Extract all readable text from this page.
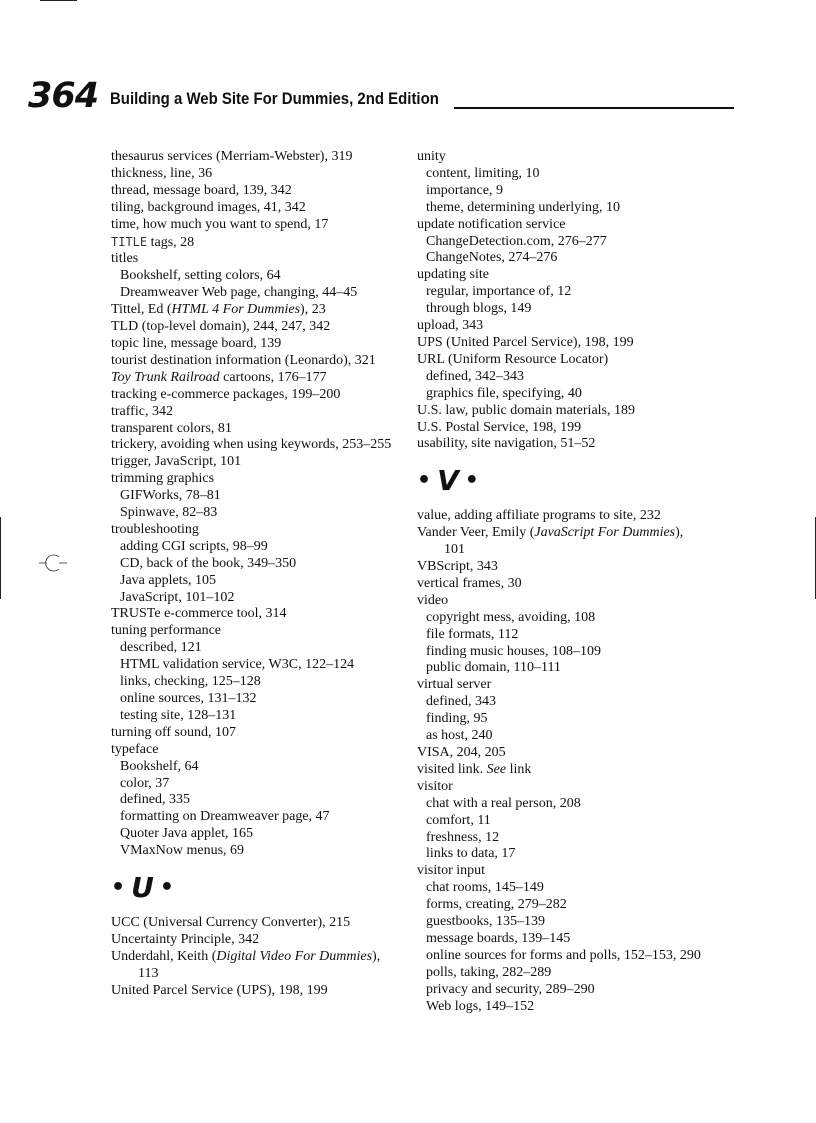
364 Building a Web Site For Dummies, 2nd Edition
thesaurus services (Merriam-Webster), 319
thickness, line, 36
thread, message board, 139, 342
tiling, background images, 41, 342
time, how much you want to spend, 17
TITLE tags, 28
titles
Bookshelf, setting colors, 64
Dreamweaver Web page, changing, 44–45
Tittel, Ed (HTML 4 For Dummies), 23
TLD (top-level domain), 244, 247, 342
topic line, message board, 139
tourist destination information (Leonardo), 321
Toy Trunk Railroad cartoons, 176–177
tracking e-commerce packages, 199–200
traffic, 342
transparent colors, 81
trickery, avoiding when using keywords, 253–255
trigger, JavaScript, 101
trimming graphics
GIFWorks, 78–81
Spinwave, 82–83
troubleshooting
adding CGI scripts, 98–99
CD, back of the book, 349–350
Java applets, 105
JavaScript, 101–102
TRUSTe e-commerce tool, 314
tuning performance
described, 121
HTML validation service, W3C, 122–124
links, checking, 125–128
online sources, 131–132
testing site, 128–131
turning off sound, 107
typeface
Bookshelf, 64
color, 37
defined, 335
formatting on Dreamweaver page, 47
Quoter Java applet, 165
VMaxNow menus, 69
• U •
UCC (Universal Currency Converter), 215
Uncertainty Principle, 342
Underdahl, Keith (Digital Video For Dummies), 113
United Parcel Service (UPS), 198, 199
unity
content, limiting, 10
importance, 9
theme, determining underlying, 10
update notification service
ChangeDetection.com, 276–277
ChangeNotes, 274–276
updating site
regular, importance of, 12
through blogs, 149
upload, 343
UPS (United Parcel Service), 198, 199
URL (Uniform Resource Locator)
defined, 342–343
graphics file, specifying, 40
U.S. law, public domain materials, 189
U.S. Postal Service, 198, 199
usability, site navigation, 51–52
• V •
value, adding affiliate programs to site, 232
Vander Veer, Emily (JavaScript For Dummies), 101
VBScript, 343
vertical frames, 30
video
copyright mess, avoiding, 108
file formats, 112
finding music houses, 108–109
public domain, 110–111
virtual server
defined, 343
finding, 95
as host, 240
VISA, 204, 205
visited link. See link
visitor
chat with a real person, 208
comfort, 11
freshness, 12
links to data, 17
visitor input
chat rooms, 145–149
forms, creating, 279–282
guestbooks, 135–139
message boards, 139–145
online sources for forms and polls, 152–153, 290
polls, taking, 282–289
privacy and security, 289–290
Web logs, 149–152
